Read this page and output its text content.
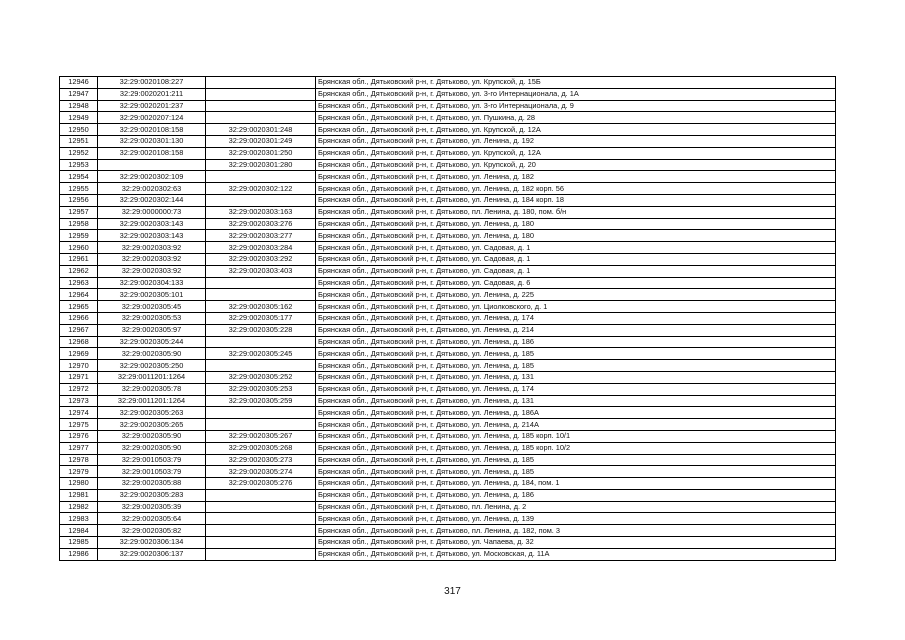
12946	32:29:0020108:227		Брянская обл., Дятьковский р-н, г. Дятьково, ул. Крупской, д. 15Б
12947	32:29:0020201:211		Брянская обл., Дятьковский р-н, г. Дятьково, ул. 3-го Интернационала, д. 1А
12948	32:29:0020201:237		Брянская обл., Дятьковский р-н, г. Дятьково, ул. 3-го Интернационала, д. 9
12949	32:29:0020207:124		Брянская обл., Дятьковский р-н, г. Дятьково, ул. Пушкина, д. 28
12950	32:29:0020108:158	32:29:0020301:248	Брянская обл., Дятьковский р-н, г. Дятьково, ул. Крупской, д. 12А
12951	32:29:0020301:130	32:29:0020301:249	Брянская обл., Дятьковский р-н, г. Дятьково, ул. Ленина, д. 192
12952	32:29:0020108:158	32:29:0020301:250	Брянская обл., Дятьковский р-н, г. Дятьково, ул. Крупской, д. 12А
12953		32:29:0020301:280	Брянская обл., Дятьковский р-н, г. Дятьково, ул. Крупской, д. 20
12954	32:29:0020302:109		Брянская обл., Дятьковский р-н, г. Дятьково, ул. Ленина, д. 182
12955	32:29:0020302:63	32:29:0020302:122	Брянская обл., Дятьковский р-н, г. Дятьково, ул. Ленина, д. 182 корп. 56
12956	32:29:0020302:144		Брянская обл., Дятьковский р-н, г. Дятьково, ул. Ленина, д. 184 корп. 18
12957	32:29:0000000:73	32:29:0020303:163	Брянская обл., Дятьковский р-н, г. Дятьково, пл. Ленина, д. 180, пом. б/н
12958	32:29:0020303:143	32:29:0020303:276	Брянская обл., Дятьковский р-н, г. Дятьково, ул. Ленина, д. 180
12959	32:29:0020303:143	32:29:0020303:277	Брянская обл., Дятьковский р-н, г. Дятьково, ул. Ленина, д. 180
12960	32:29:0020303:92	32:29:0020303:284	Брянская обл., Дятьковский р-н, г. Дятьково, ул. Садовая, д. 1
12961	32:29:0020303:92	32:29:0020303:292	Брянская обл., Дятьковский р-н, г. Дятьково, ул. Садовая, д. 1
12962	32:29:0020303:92	32:29:0020303:403	Брянская обл., Дятьковский р-н, г. Дятьково, ул. Садовая, д. 1
12963	32:29:0020304:133		Брянская обл., Дятьковский р-н, г. Дятьково, ул. Садовая, д. 6
12964	32:29:0020305:101		Брянская обл., Дятьковский р-н, г. Дятьково, ул. Ленина, д. 225
12965	32:29:0020305:45	32:29:0020305:162	Брянская обл., Дятьковский р-н, г. Дятьково, ул. Циолковского, д. 1
12966	32:29:0020305:53	32:29:0020305:177	Брянская обл., Дятьковский р-н, г. Дятьково, ул. Ленина, д. 174
12967	32:29:0020305:97	32:29:0020305:228	Брянская обл., Дятьковский р-н, г. Дятьково, ул. Ленина, д. 214
12968	32:29:0020305:244		Брянская обл., Дятьковский р-н, г. Дятьково, ул. Ленина, д. 186
12969	32:29:0020305:90	32:29:0020305:245	Брянская обл., Дятьковский р-н, г. Дятьково, ул. Ленина, д. 185
12970	32:29:0020305:250		Брянская обл., Дятьковский р-н, г. Дятьково, ул. Ленина, д. 185
12971	32:29:0011201:1264	32:29:0020305:252	Брянская обл., Дятьковский р-н, г. Дятьково, ул. Ленина, д. 131
12972	32:29:0020305:78	32:29:0020305:253	Брянская обл., Дятьковский р-н, г. Дятьково, ул. Ленина, д. 174
12973	32:29:0011201:1264	32:29:0020305:259	Брянская обл., Дятьковский р-н, г. Дятьково, ул. Ленина, д. 131
12974	32:29:0020305:263		Брянская обл., Дятьковский р-н, г. Дятьково, ул. Ленина, д. 186А
12975	32:29:0020305:265		Брянская обл., Дятьковский р-н, г. Дятьково, ул. Ленина, д. 214А
12976	32:29:0020305:90	32:29:0020305:267	Брянская обл., Дятьковский р-н, г. Дятьково, ул. Ленина, д. 185 корп. 10/1
12977	32:29:0020305:90	32:29:0020305:268	Брянская обл., Дятьковский р-н, г. Дятьково, ул. Ленина, д. 185 корп. 10/2
12978	32:29:0010503:79	32:29:0020305:273	Брянская обл., Дятьковский р-н, г. Дятьково, ул. Ленина, д. 185
12979	32:29:0010503:79	32:29:0020305:274	Брянская обл., Дятьковский р-н, г. Дятьково, ул. Ленина, д. 185
12980	32:29:0020305:88	32:29:0020305:276	Брянская обл., Дятьковский р-н, г. Дятьково, ул. Ленина, д. 184, пом. 1
12981	32:29:0020305:283		Брянская обл., Дятьковский р-н, г. Дятьково, ул. Ленина, д. 186
12982	32:29:0020305:39		Брянская обл., Дятьковский р-н, г. Дятьково, пл. Ленина, д. 2
12983	32:29:0020305:64		Брянская обл., Дятьковский р-н, г. Дятьково, ул. Ленина, д. 139
12984	32:29:0020305:82		Брянская обл., Дятьковский р-н, г. Дятьково, пл. Ленина, д. 182, пом. 3
12985	32:29:0020306:134		Брянская обл., Дятьковский р-н, г. Дятьково, ул. Чапаева, д. 32
12986	32:29:0020306:137		Брянская обл., Дятьковский р-н, г. Дятьково, ул. Московская, д. 11А
317
